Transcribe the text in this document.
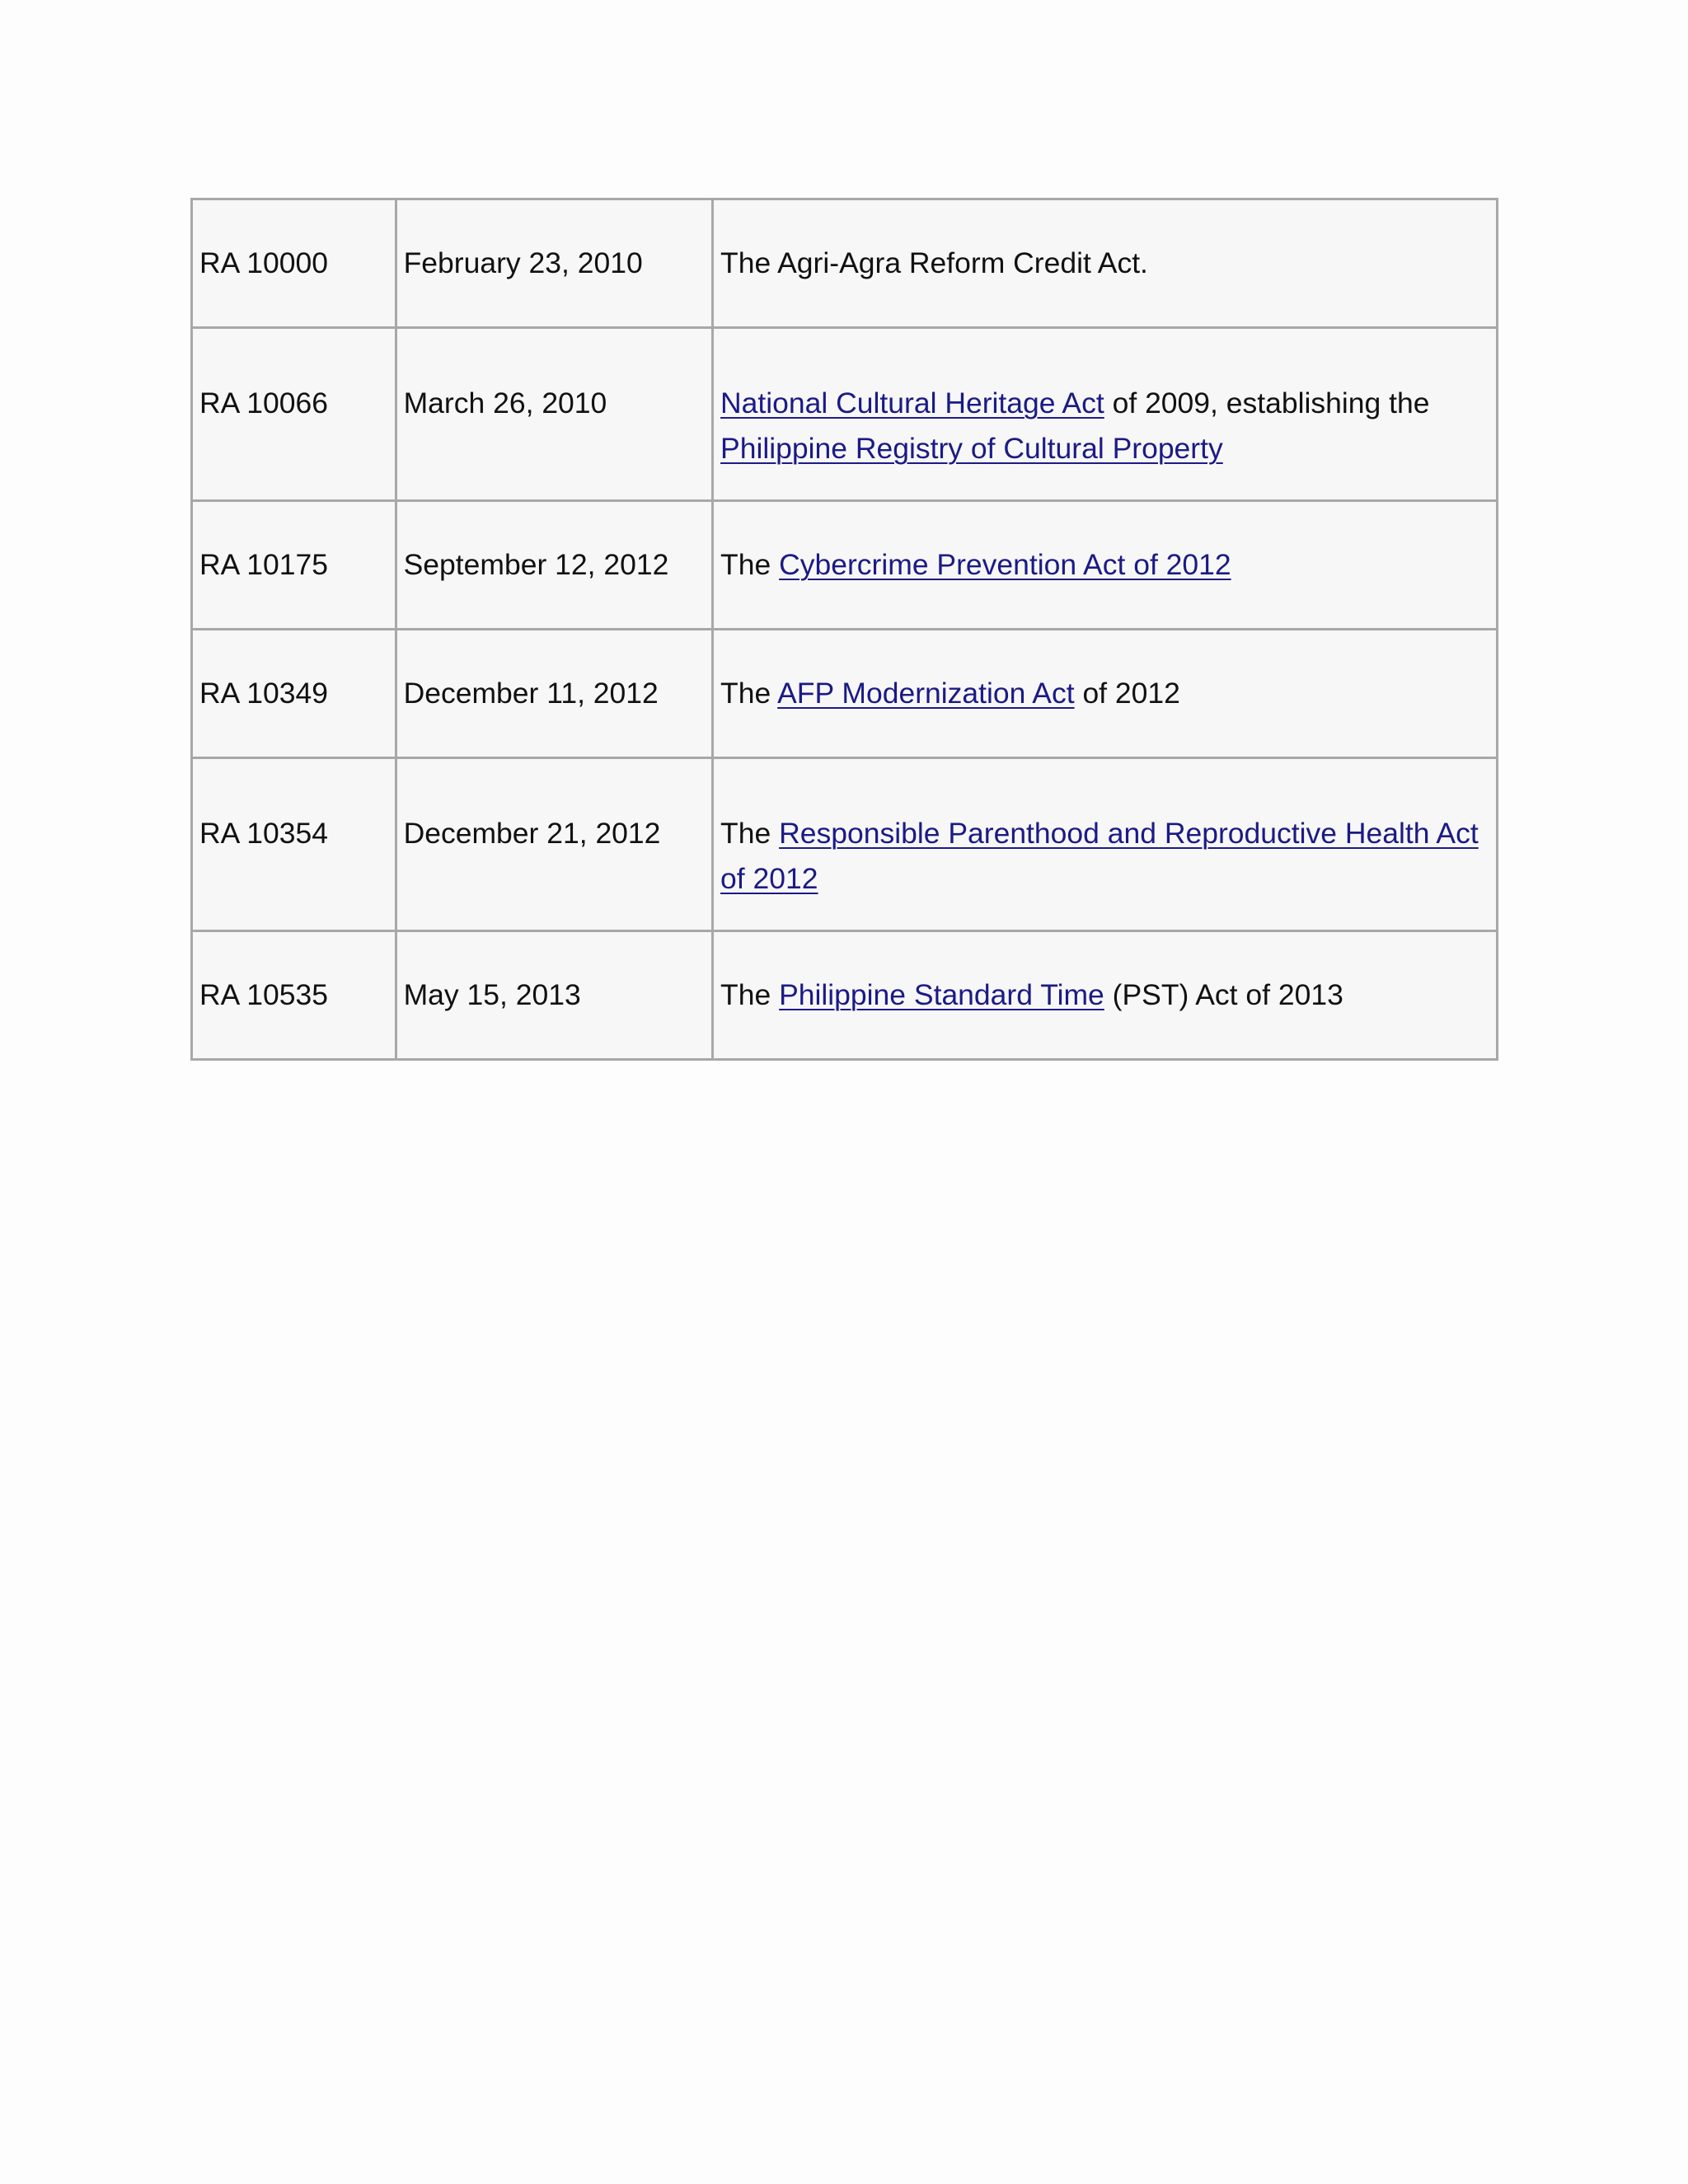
RA 10000	February 23, 2010	The Agri-Agra Reform Credit Act.
RA 10066	March 26, 2010	National Cultural Heritage Act of 2009, establishing the Philippine Registry of Cultural Property
RA 10175	September 12, 2012	The Cybercrime Prevention Act of 2012
RA 10349	December 11, 2012	The AFP Modernization Act of 2012
RA 10354	December 21, 2012	The Responsible Parenthood and Reproductive Health Act of 2012
RA 10535	May 15, 2013	The Philippine Standard Time (PST) Act of 2013
